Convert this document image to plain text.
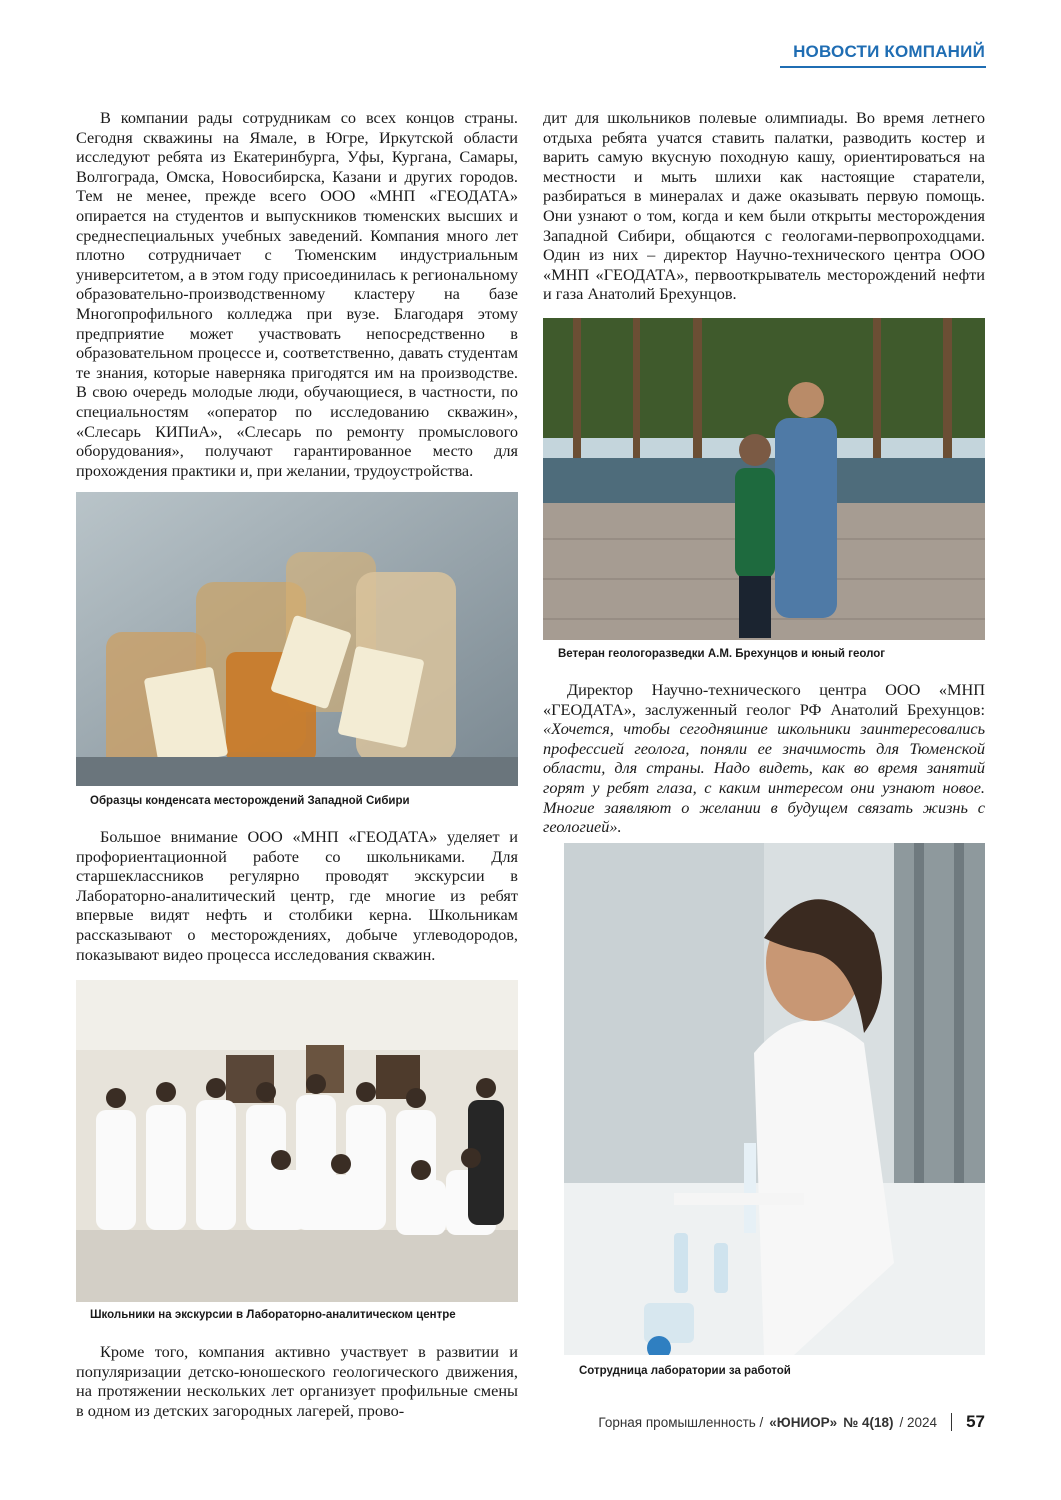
НОВОСТИ КОМПАНИЙ

В компании рады сотрудникам со всех концов страны. Сегодня скважины на Ямале, в Югре, Иркутской области исследуют ребята из Екатеринбурга, Уфы, Кургана, Самары, Волгограда, Омска, Новосибирска, Казани и других городов. Тем не менее, прежде всего ООО «МНП «ГЕОДАТА» опирается на студентов и выпускников тюменских высших и среднеспециальных учебных заведений. Компания много лет плотно сотрудничает с Тюменским индустриальным университетом, а в этом году присоединилась к региональному образовательно-производственному кластеру на базе Многопрофильного колледжа при вузе. Благодаря этому предприятие может участвовать непосредственно в образовательном процессе и, соответственно, давать студентам те знания, которые наверняка пригодятся им на производстве. В свою очередь молодые люди, обучающиеся, в частности, по специальностям «оператор по исследованию скважин», «Слесарь КИПиА», «Слесарь по ремонту промыслового оборудования», получают гарантированное место для прохождения практики и, при желании, трудоустройства.

Образцы конденсата месторождений Западной Сибири

Большое внимание ООО «МНП «ГЕОДАТА» уделяет и профориентационной работе со школьниками. Для старшеклассников регулярно проводят экскурсии в Лабораторно-аналитический центр, где многие из ребят впервые видят нефть и столбики керна. Школьникам рассказывают о месторождениях, добыче углеводородов, показывают видео процесса исследования скважин.

Школьники на экскурсии в Лабораторно-аналитическом центре

Кроме того, компания активно участвует в развитии и популяризации детско-юношеского геологического движения, на протяжении нескольких лет организует профильные смены в одном из детских загородных лагерей, прово-

дит для школьников полевые олимпиады. Во время летнего отдыха ребята учатся ставить палатки, разводить костер и варить самую вкусную походную кашу, ориентироваться на местности и мыть шлихи как настоящие старатели, разбираться в минералах и даже оказывать первую помощь. Они узнают о том, когда и кем были открыты месторождения Западной Сибири, общаются с геологами-первопроходцами. Один из них – директор Научно-технического центра ООО «МНП «ГЕОДАТА», первооткрыватель месторождений нефти и газа Анатолий Брехунцов.

Ветеран геологоразведки А.М. Брехунцов и юный геолог

Директор Научно-технического центра ООО «МНП «ГЕОДАТА», заслуженный геолог РФ Анатолий Брехунцов: «Хочется, чтобы сегодняшние школьники заинтересовались профессией геолога, поняли ее значимость для Тюменской области, для страны. Надо видеть, как во время занятий горят у ребят глаза, с каким интересом они узнают новое. Многие заявляют о желании в будущем связать жизнь с геологией».

Сотрудница лаборатории за работой
Горная промышленность / «ЮНИОР» № 4(18) / 2024 57
